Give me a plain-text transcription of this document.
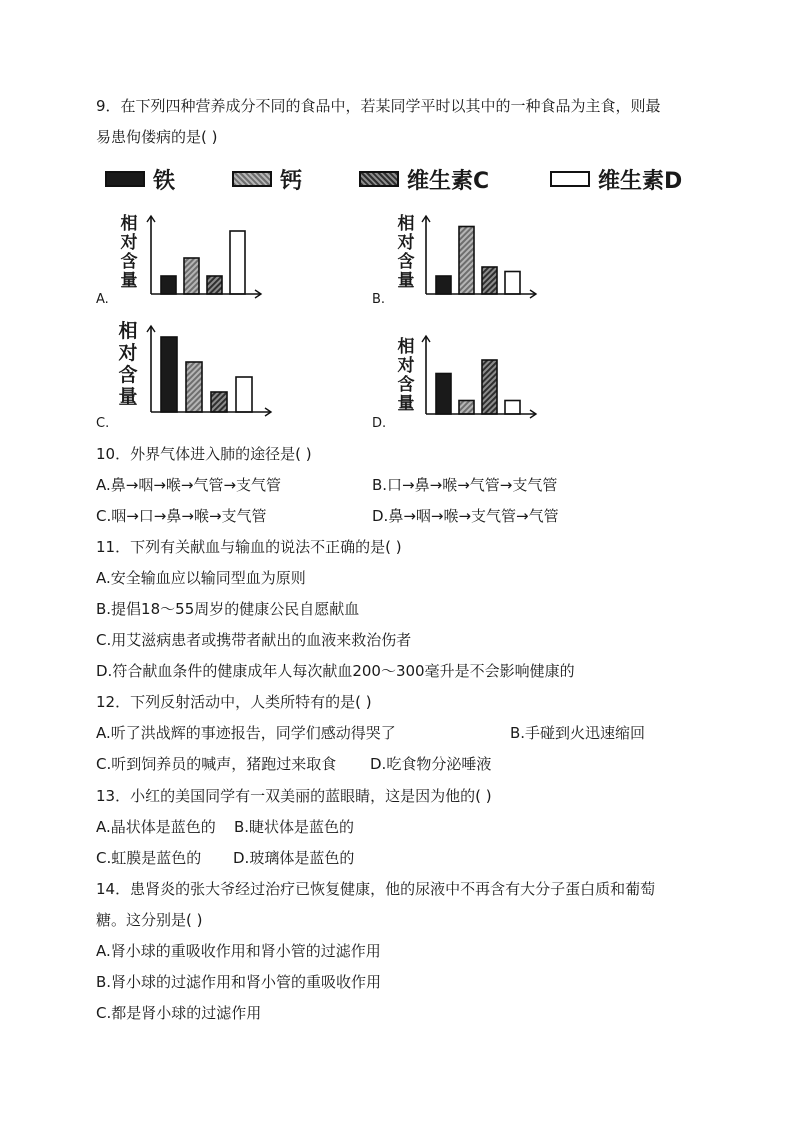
9．在下列四种营养成分不同的食品中，若某同学平时以其中的一种食品为主食，则最
易患佝偻病的是( )
铁	钙	维生素C	维生素D
A.
相
对
含
量
B.
相
对
含
量
C.
相
对
含
量
D.
相
对
含
量
10．外界气体进入肺的途径是( )
A.鼻→咽→喉→气管→支气管	B.口→鼻→喉→气管→支气管
C.咽→口→鼻→喉→支气管	D.鼻→咽→喉→支气管→气管
11．下列有关献血与输血的说法不正确的是( )
A.安全输血应以输同型血为原则
B.提倡18～55周岁的健康公民自愿献血
C.用艾滋病患者或携带者献出的血液来救治伤者
D.符合献血条件的健康成年人每次献血200～300毫升是不会影响健康的
12．下列反射活动中，人类所特有的是( )
A.听了洪战辉的事迹报告，同学们感动得哭了	B.手碰到火迅速缩回
C.听到饲养员的喊声，猪跑过来取食 D.吃食物分泌唾液
13．小红的美国同学有一双美丽的蓝眼睛，这是因为他的( )
A.晶状体是蓝色的 B.睫状体是蓝色的
C.虹膜是蓝色的 D.玻璃体是蓝色的
14．患肾炎的张大爷经过治疗已恢复健康，他的尿液中不再含有大分子蛋白质和葡萄
糖。这分别是( )
A.肾小球的重吸收作用和肾小管的过滤作用
B.肾小球的过滤作用和肾小管的重吸收作用
C.都是肾小球的过滤作用
